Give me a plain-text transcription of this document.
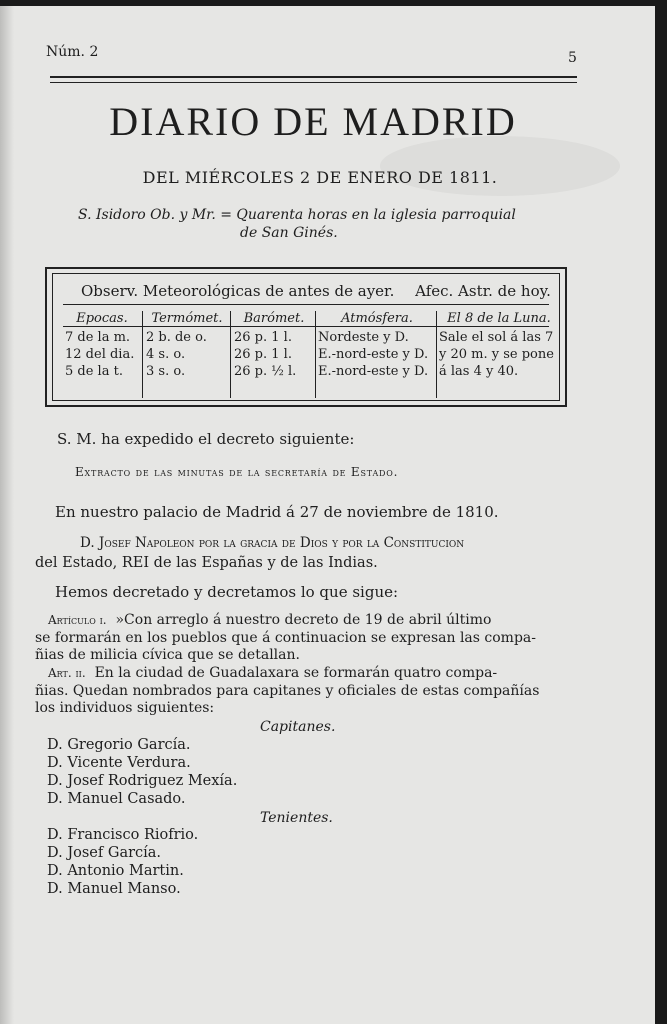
Núm. 2	5
DIARIO DE MADRID
DEL MIÉRCOLES 2 DE ENERO DE 1811.
S. Isidoro Ob. y Mr. = Quarenta horas en la iglesia parroquial
de San Ginés.
Observ. Meteorológicas de antes de ayer. Afec. Astr. de hoy.
Epocas.
7 de la m.
12 del dia.
5 de la t.
Termómet.
2 b. de o.
4 s. o.
3 s. o.
Barómet.
26 p. 1 l.
26 p. 1 l.
26 p. ½ l.
Atmósfera.
Nordeste y D.
E.-nord-este y D.
E.-nord-este y D.
El 8 de la Luna.
Sale el sol á las 7
y 20 m. y se pone
á las 4 y 40.
S. M. ha expedido el decreto siguiente:
Extracto de las minutas de la secretaría de Estado.
En nuestro palacio de Madrid á 27 de noviembre de 1810.
D. Josef Napoleon por la gracia de Dios y por la Constitucion
del Estado, REI de las Españas y de las Indias.
Hemos decretado y decretamos lo que sigue:
Artículo i. »Con arreglo á nuestro decreto de 19 de abril último
se formarán en los pueblos que á continuacion se expresan las compa-
ñias de milicia cívica que se detallan.
Art. ii. En la ciudad de Guadalaxara se formarán quatro compa-
ñias. Quedan nombrados para capitanes y oficiales de estas compañías
los individuos siguientes:
Capitanes.
D. Gregorio García.
D. Vicente Verdura.
D. Josef Rodriguez Mexía.
D. Manuel Casado.
Tenientes.
D. Francisco Riofrio.
D. Josef García.
D. Antonio Martin.
D. Manuel Manso.
